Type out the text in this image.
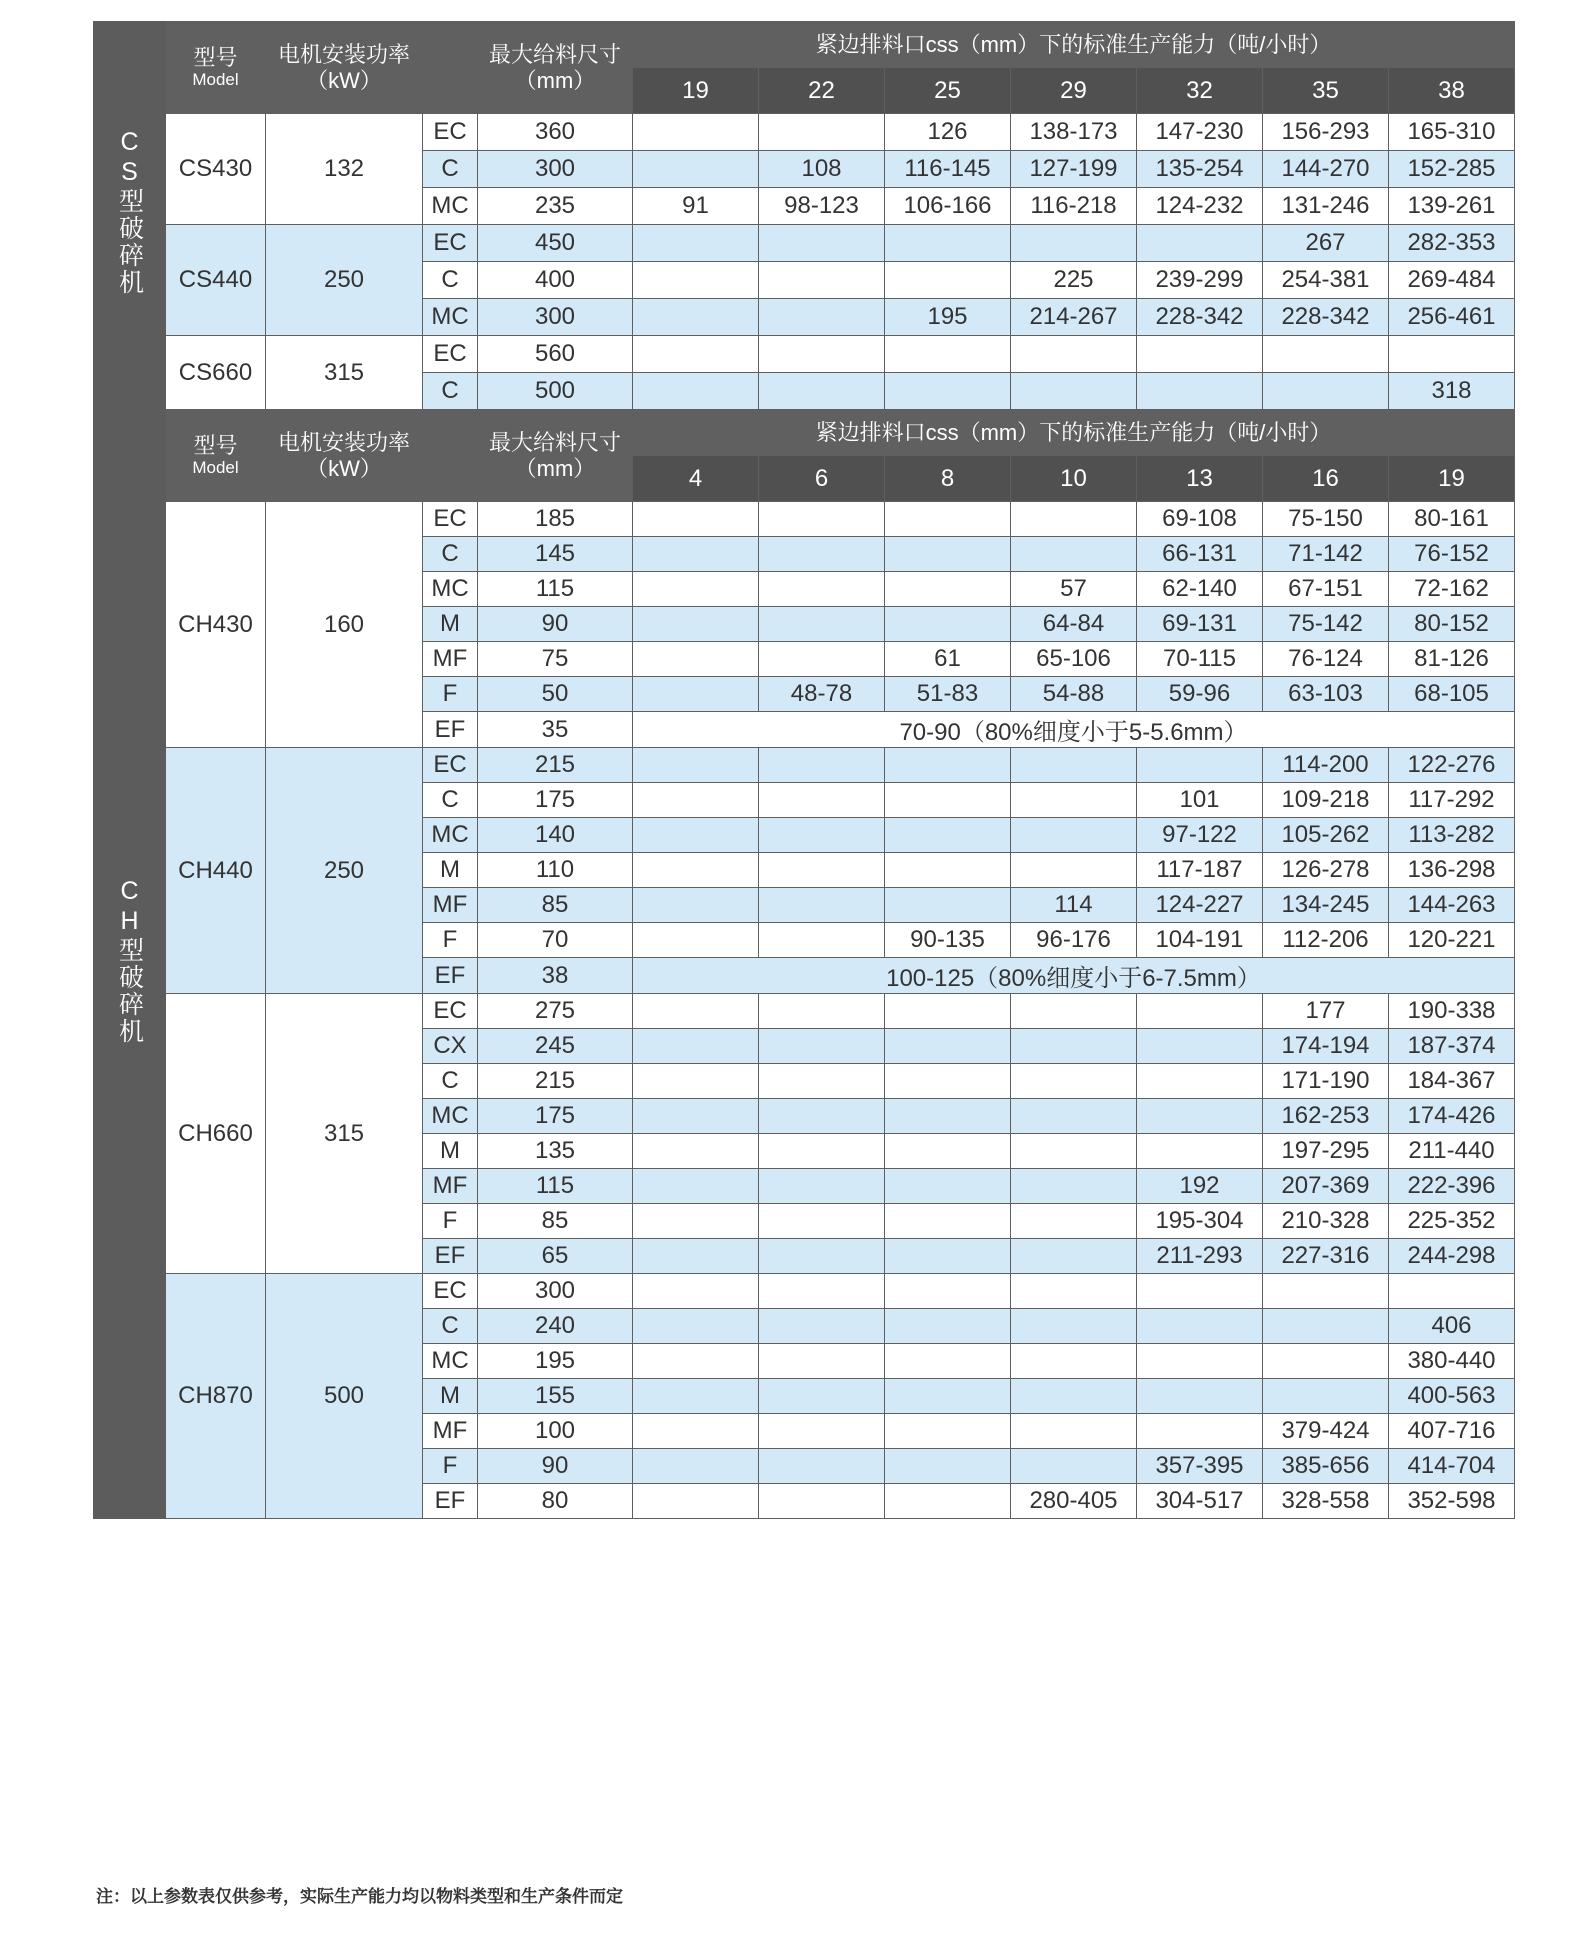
CS型破碎机	型号
Model	电机安装功率
（kW）		最大给料尺寸
（mm）	紧边排料口css（mm）下的标准生产能力（吨/小时）						
					19	22	25	29	32	35	38
	CS430	132	EC	360			126	138-173	147-230	156-293	165-310
			C	300		108	116-145	127-199	135-254	144-270	152-285
			MC	235	91	98-123	106-166	116-218	124-232	131-246	139-261
	CS440	250	EC	450						267	282-353
			C	400				225	239-299	254-381	269-484
			MC	300			195	214-267	228-342	228-342	256-461
	CS660	315	EC	560							
			C	500							318
CH型破碎机	型号
Model	电机安装功率
（kW）		最大给料尺寸
（mm）	紧边排料口css（mm）下的标准生产能力（吨/小时）						
					4	6	8	10	13	16	19
	CH430	160	EC	185					69-108	75-150	80-161
			C	145					66-131	71-142	76-152
			MC	115				57	62-140	67-151	72-162
			M	90				64-84	69-131	75-142	80-152
			MF	75			61	65-106	70-115	76-124	81-126
			F	50		48-78	51-83	54-88	59-96	63-103	68-105
			EF	35	70-90（80%细度小于5-5.6mm）						
	CH440	250	EC	215						114-200	122-276
			C	175					101	109-218	117-292
			MC	140					97-122	105-262	113-282
			M	110					117-187	126-278	136-298
			MF	85				114	124-227	134-245	144-263
			F	70			90-135	96-176	104-191	112-206	120-221
			EF	38	100-125（80%细度小于6-7.5mm）						
	CH660	315	EC	275						177	190-338
			CX	245						174-194	187-374
			C	215						171-190	184-367
			MC	175						162-253	174-426
			M	135						197-295	211-440
			MF	115					192	207-369	222-396
			F	85					195-304	210-328	225-352
			EF	65					211-293	227-316	244-298
	CH870	500	EC	300							
			C	240							406
			MC	195							380-440
			M	155							400-563
			MF	100						379-424	407-716
			F	90					357-395	385-656	414-704
			EF	80				280-405	304-517	328-558	352-598
注：以上参数表仅供参考，实际生产能力均以物料类型和生产条件而定
